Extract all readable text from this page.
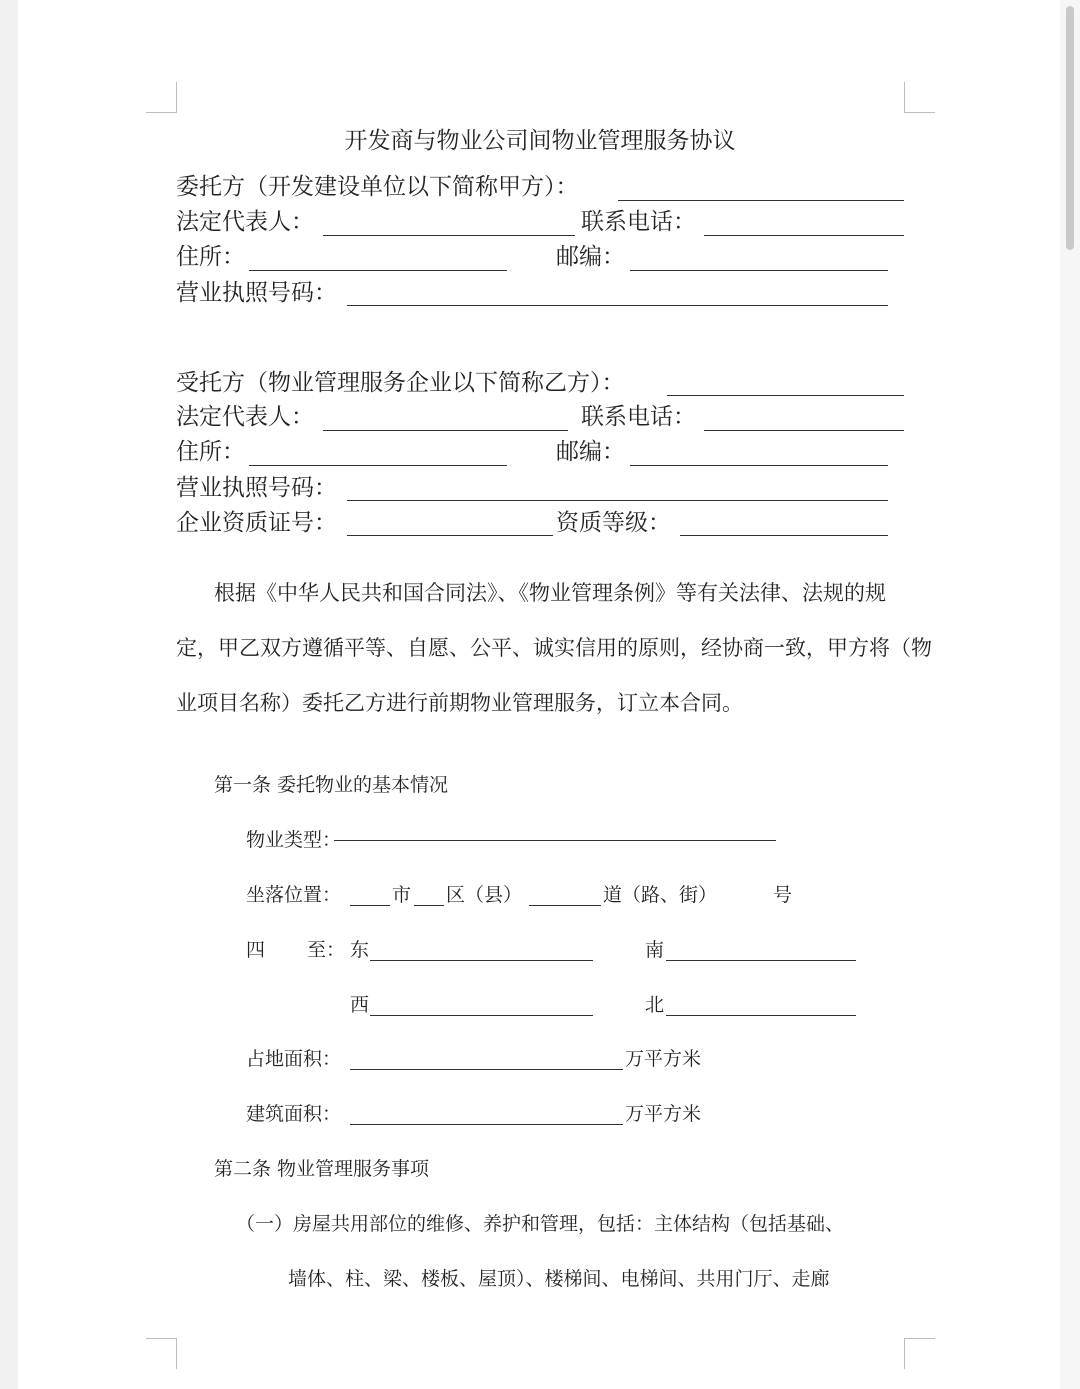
开发商与物业公司间物业管理服务协议
委托方（开发建设单位以下简称甲方）：
法定代表人：	联系电话：
住所：	邮编：
营业执照号码：
受托方（物业管理服务企业以下简称乙方）：
法定代表人：	联系电话：
住所：	邮编：
营业执照号码：
企业资质证号：	资质等级：
根据《中华人民共和国合同法》、《物业管理条例》等有关法律、法规的规
定，甲乙双方遵循平等、自愿、公平、诚实信用的原则，经协商一致，甲方将（物
业项目名称）委托乙方进行前期物业管理服务，订立本合同。
第一条 委托物业的基本情况
物业类型：
坐落位置：	市 区（县）	道（路、街）	号
四 至： 东	南
西	北
占地面积：	万平方米
建筑面积：	万平方米
第二条 物业管理服务事项
（一）房屋共用部位的维修、养护和管理，包括：主体结构（包括基础、
墙体、柱、梁、楼板、屋顶）、楼梯间、电梯间、共用门厅、走廊
